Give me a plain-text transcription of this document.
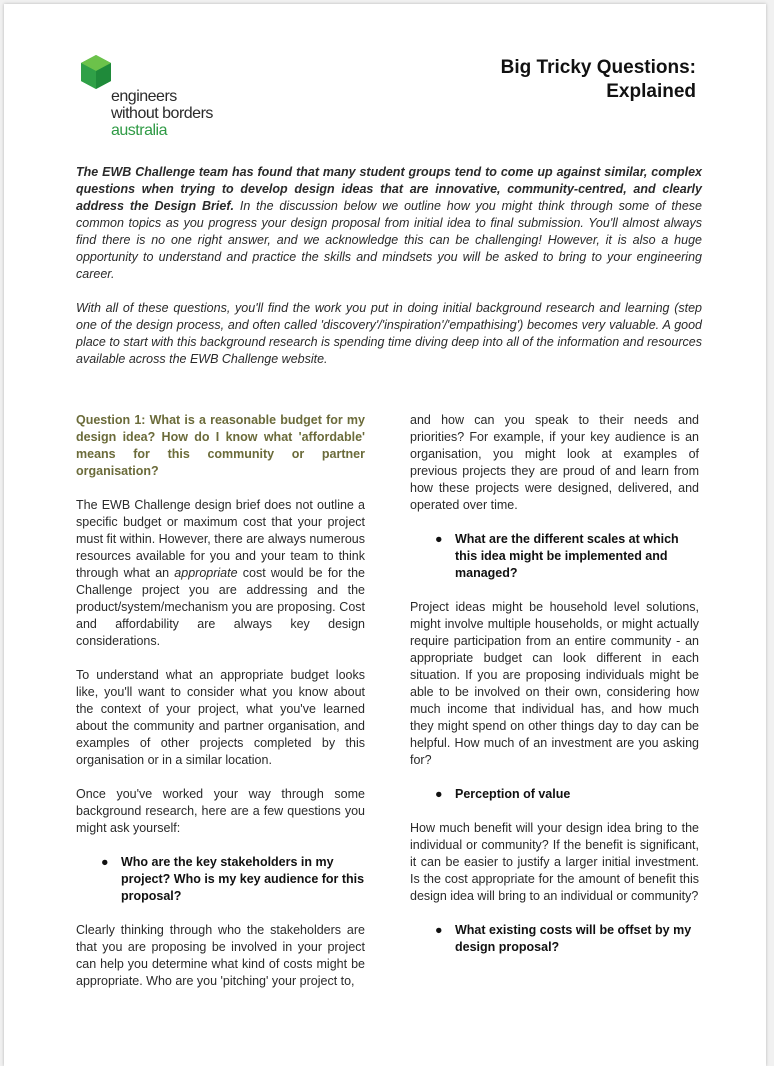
engineers
without borders
australia
Big Tricky Questions:
Explained

The EWB Challenge team has found that many student groups tend to come up against similar, complex questions when trying to develop design ideas that are innovative, community-centred, and clearly address the Design Brief. In the discussion below we outline how you might think through some of these common topics as you progress your design proposal from initial idea to final submission. You'll almost always find there is no one right answer, and we acknowledge this can be challenging! However, it is also a huge opportunity to understand and practice the skills and mindsets you will be asked to bring to your engineering career.

With all of these questions, you'll find the work you put in doing initial background research and learning (step one of the design process, and often called 'discovery'/'inspiration'/'empathising') becomes very valuable. A good place to start with this background research is spending time diving deep into all of the information and resources available across the EWB Challenge website.

Question 1: What is a reasonable budget for my design idea? How do I know what 'affordable' means for this community or partner organisation?

The EWB Challenge design brief does not outline a specific budget or maximum cost that your project must fit within. However, there are always numerous resources available for you and your team to think through what an appropriate cost would be for the Challenge project you are addressing and the product/system/mechanism you are proposing. Cost and affordability are always key design considerations.

To understand what an appropriate budget looks like, you'll want to consider what you know about the context of your project, what you've learned about the community and partner organisation, and examples of other projects completed by this organisation or in a similar location.

Once you've worked your way through some background research, here are a few questions you might ask yourself:

● Who are the key stakeholders in my project? Who is my key audience for this proposal?

Clearly thinking through who the stakeholders are that you are proposing be involved in your project can help you determine what kind of costs might be appropriate. Who are you 'pitching' your project to,

and how can you speak to their needs and priorities? For example, if your key audience is an organisation, you might look at examples of previous projects they are proud of and learn from how these projects were designed, delivered, and operated over time.

● What are the different scales at which this idea might be implemented and managed?

Project ideas might be household level solutions, might involve multiple households, or might actually require participation from an entire community - an appropriate budget can look different in each situation. If you are proposing individuals might be able to be involved on their own, considering how much income that individual has, and how much they might spend on other things day to day can be helpful. How much of an investment are you asking for?

● Perception of value

How much benefit will your design idea bring to the individual or community? If the benefit is significant, it can be easier to justify a larger initial investment. Is the cost appropriate for the amount of benefit this design idea will bring to an individual or community?

● What existing costs will be offset by my design proposal?
